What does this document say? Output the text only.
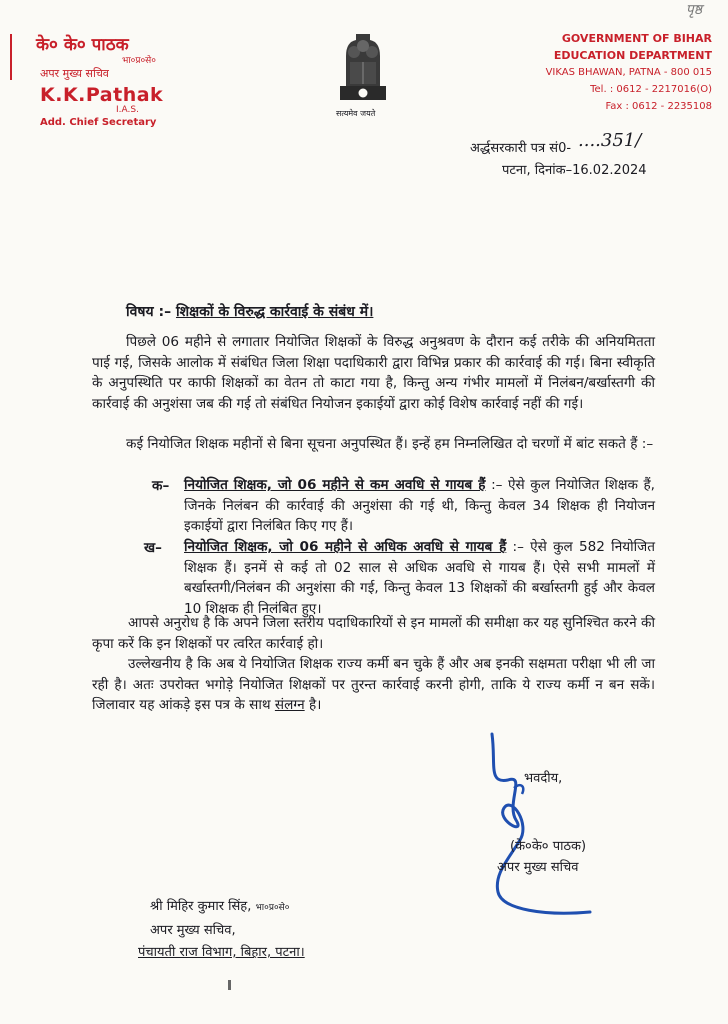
पृष्ठ
के० के० पाठक
भा०प्र०से०
अपर मुख्य सचिव
K.K.Pathak
I.A.S.
Add. Chief Secretary
सत्यमेव जयते
GOVERNMENT OF BIHAR
EDUCATION DEPARTMENT
VIKAS BHAWAN, PATNA - 800 015
Tel. : 0612 - 2217016(O)
Fax : 0612 - 2235108
अर्द्धसरकारी पत्र सं0- ....351/
पटना, दिनांक–16.02.2024
विषय :– शिक्षकों के विरुद्ध कार्रवाई के संबंध में।
पिछले 06 महीने से लगातार नियोजित शिक्षकों के विरुद्ध अनुश्रवण के दौरान कई तरीके की अनियमितता पाई गई, जिसके आलोक में संबंधित जिला शिक्षा पदाधिकारी द्वारा विभिन्न प्रकार की कार्रवाई की गई। बिना स्वीकृति के अनुपस्थिति पर काफी शिक्षकों का वेतन तो काटा गया है, किन्तु अन्य गंभीर मामलों में निलंबन/बर्खास्तगी की कार्रवाई की अनुशंसा जब की गई तो संबंधित नियोजन इकाईयों द्वारा कोई विशेष कार्रवाई नहीं की गई।
कई नियोजित शिक्षक महीनों से बिना सूचना अनुपस्थित हैं। इन्हें हम निम्नलिखित दो चरणों में बांट सकते हैं :–
क– नियोजित शिक्षक, जो 06 महीने से कम अवधि से गायब हैं :– ऐसे कुल नियोजित शिक्षक हैं, जिनके निलंबन की कार्रवाई की अनुशंसा की गई थी, किन्तु केवल 34 शिक्षक ही नियोजन इकाईयों द्वारा निलंबित किए गए हैं।
ख– नियोजित शिक्षक, जो 06 महीने से अधिक अवधि से गायब हैं :– ऐसे कुल 582 नियोजित शिक्षक हैं। इनमें से कई तो 02 साल से अधिक अवधि से गायब हैं। ऐसे सभी मामलों में बर्खास्तगी/निलंबन की अनुशंसा की गई, किन्तु केवल 13 शिक्षकों की बर्खास्तगी हुई और केवल 10 शिक्षक ही निलंबित हुए।
आपसे अनुरोध है कि अपने जिला स्तरीय पदाधिकारियों से इन मामलों की समीक्षा कर यह सुनिश्चित करने की कृपा करें कि इन शिक्षकों पर त्वरित कार्रवाई हो।
उल्लेखनीय है कि अब ये नियोजित शिक्षक राज्य कर्मी बन चुके हैं और अब इनकी सक्षमता परीक्षा भी ली जा रही है। अतः उपरोक्त भगोड़े नियोजित शिक्षकों पर तुरन्त कार्रवाई करनी होगी, ताकि ये राज्य कर्मी न बन सकें। जिलावार यह आंकड़े इस पत्र के साथ संलग्न है।
भवदीय,
(के०के० पाठक)
अपर मुख्य सचिव
श्री मिहिर कुमार सिंह, भा०प्र०से०
अपर मुख्य सचिव,
पंचायती राज विभाग, बिहार, पटना।
